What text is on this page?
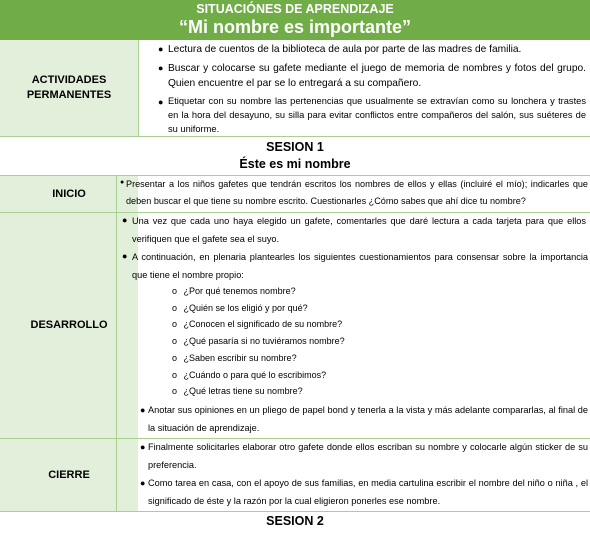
SITUACIÓNES DE APRENDIZAJE
“Mi nombre es importante”
ACTIVIDADES PERMANENTES
● Lectura de cuentos de la biblioteca de aula por parte de las madres de familia.
● Buscar y colocarse su gafete mediante el juego de memoria de nombres y fotos del grupo. Quien encuentre el par se lo entregará a su compañero.
● Etiquetar con su nombre las pertenencias que usualmente se extravían como su lonchera y trastes en la hora del desayuno, su silla para evitar conflictos entre compañeros del salón, sus suéteres de su uniforme.
SESION 1
Éste es mi nombre
INICIO
● Presentar a los niños gafetes que tendrán escritos los nombres de ellos y ellas (incluiré el mío); indicarles que deben buscar el que tiene su nombre escrito. Cuestionarles ¿Cómo sabes que ahí dice tu nombre?
DESARROLLO
● Una vez que cada uno haya elegido un gafete, comentarles que daré lectura a cada tarjeta para que ellos verifiquen que el gafete sea el suyo.
● A continuación, en plenaria plantearles los siguientes cuestionamientos para consensar sobre la importancia que tiene el nombre propio:
o ¿Por qué tenemos nombre?
o ¿Quién se los eligió y por qué?
o ¿Conocen el significado de su nombre?
o ¿Qué pasaría si no tuviéramos nombre?
o ¿Saben escribir su nombre?
o ¿Cuándo o para qué lo escribimos?
o ¿Qué letras tiene su nombre?
● Anotar sus opiniones en un pliego de papel bond y tenerla a la vista y más adelante compararlas, al final de la situación de aprendizaje.
CIERRE
● Finalmente solicitarles elaborar otro gafete donde ellos escriban su nombre y colocarle algún sticker de su preferencia.
● Como tarea en casa, con el apoyo de sus familias, en media cartulina escribir el nombre del niño o niña , el significado de éste y la razón por la cual eligieron ponerles ese nombre.
SESION 2
